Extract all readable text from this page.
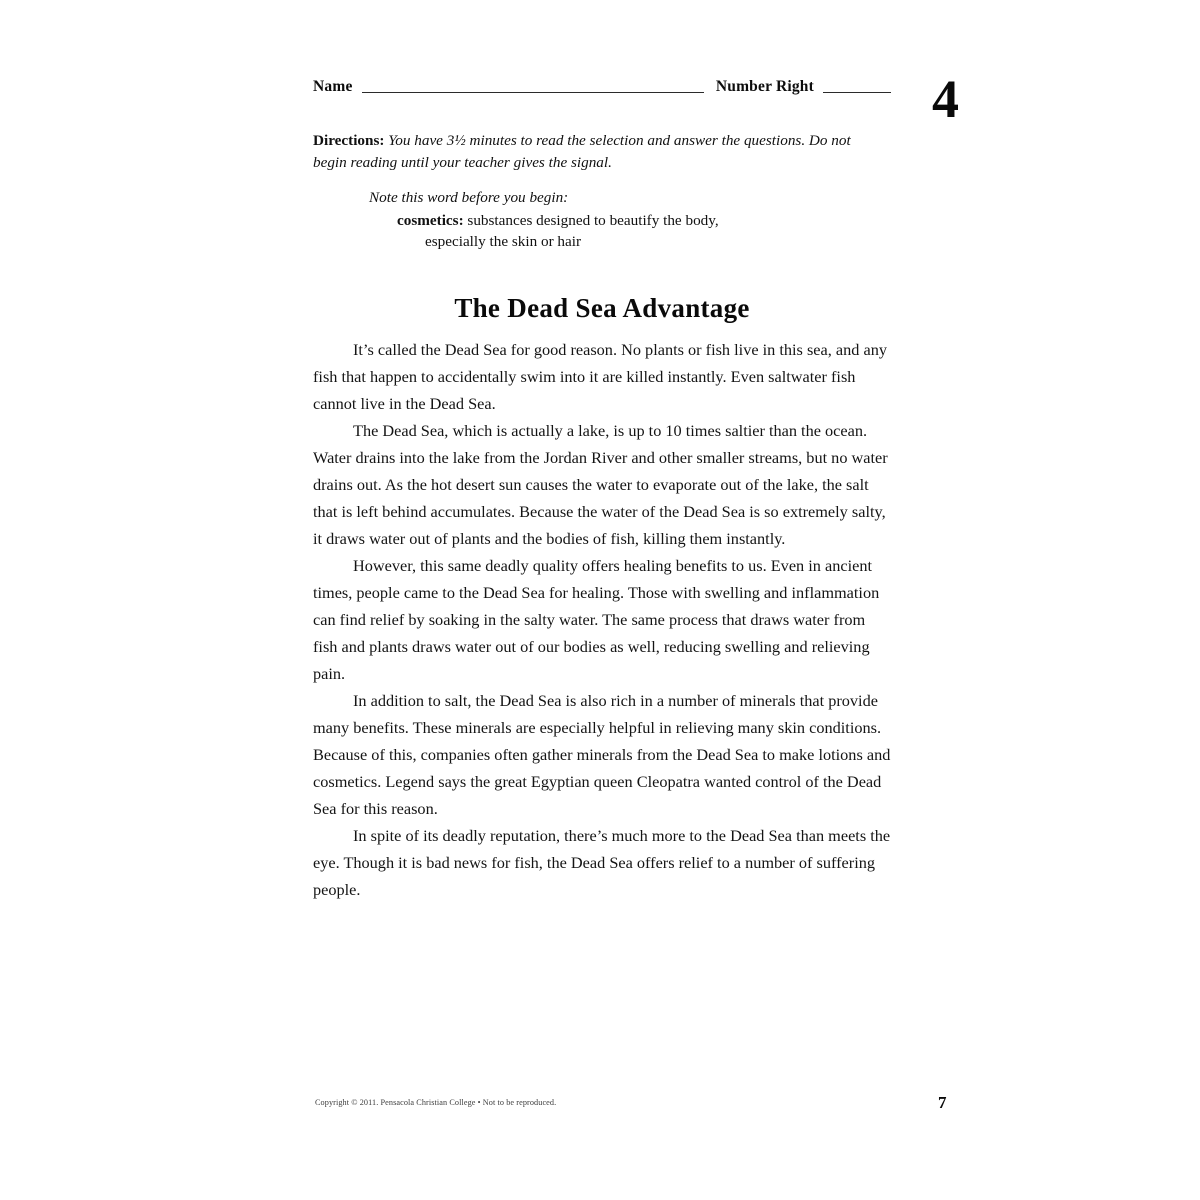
Name	Number Right
Directions: You have 3½ minutes to read the selection and answer the questions. Do not begin reading until your teacher gives the signal.
Note this word before you begin:
cosmetics: substances designed to beautify the body,
especially the skin or hair
The Dead Sea Advantage

It’s called the Dead Sea for good reason. No plants or fish live in this sea, and any fish that happen to accidentally swim into it are killed instantly. Even saltwater fish cannot live in the Dead Sea.

The Dead Sea, which is actually a lake, is up to 10 times saltier than the ocean. Water drains into the lake from the Jordan River and other smaller streams, but no water drains out. As the hot desert sun causes the water to evaporate out of the lake, the salt that is left behind accumulates. Because the water of the Dead Sea is so extremely salty, it draws water out of plants and the bodies of fish, killing them instantly.

However, this same deadly quality offers healing benefits to us. Even in ancient times, people came to the Dead Sea for healing. Those with swelling and inflammation can find relief by soaking in the salty water. The same process that draws water from fish and plants draws water out of our bodies as well, reducing swelling and relieving pain.

In addition to salt, the Dead Sea is also rich in a number of minerals that provide many benefits. These minerals are especially helpful in relieving many skin conditions. Because of this, companies often gather minerals from the Dead Sea to make lotions and cosmetics. Legend says the great Egyptian queen Cleopatra wanted control of the Dead Sea for this reason.

In spite of its deadly reputation, there’s much more to the Dead Sea than meets the eye. Though it is bad news for fish, the Dead Sea offers relief to a number of suffering people.

4
Copyright © 2011. Pensacola Christian College • Not to be reproduced.	7
